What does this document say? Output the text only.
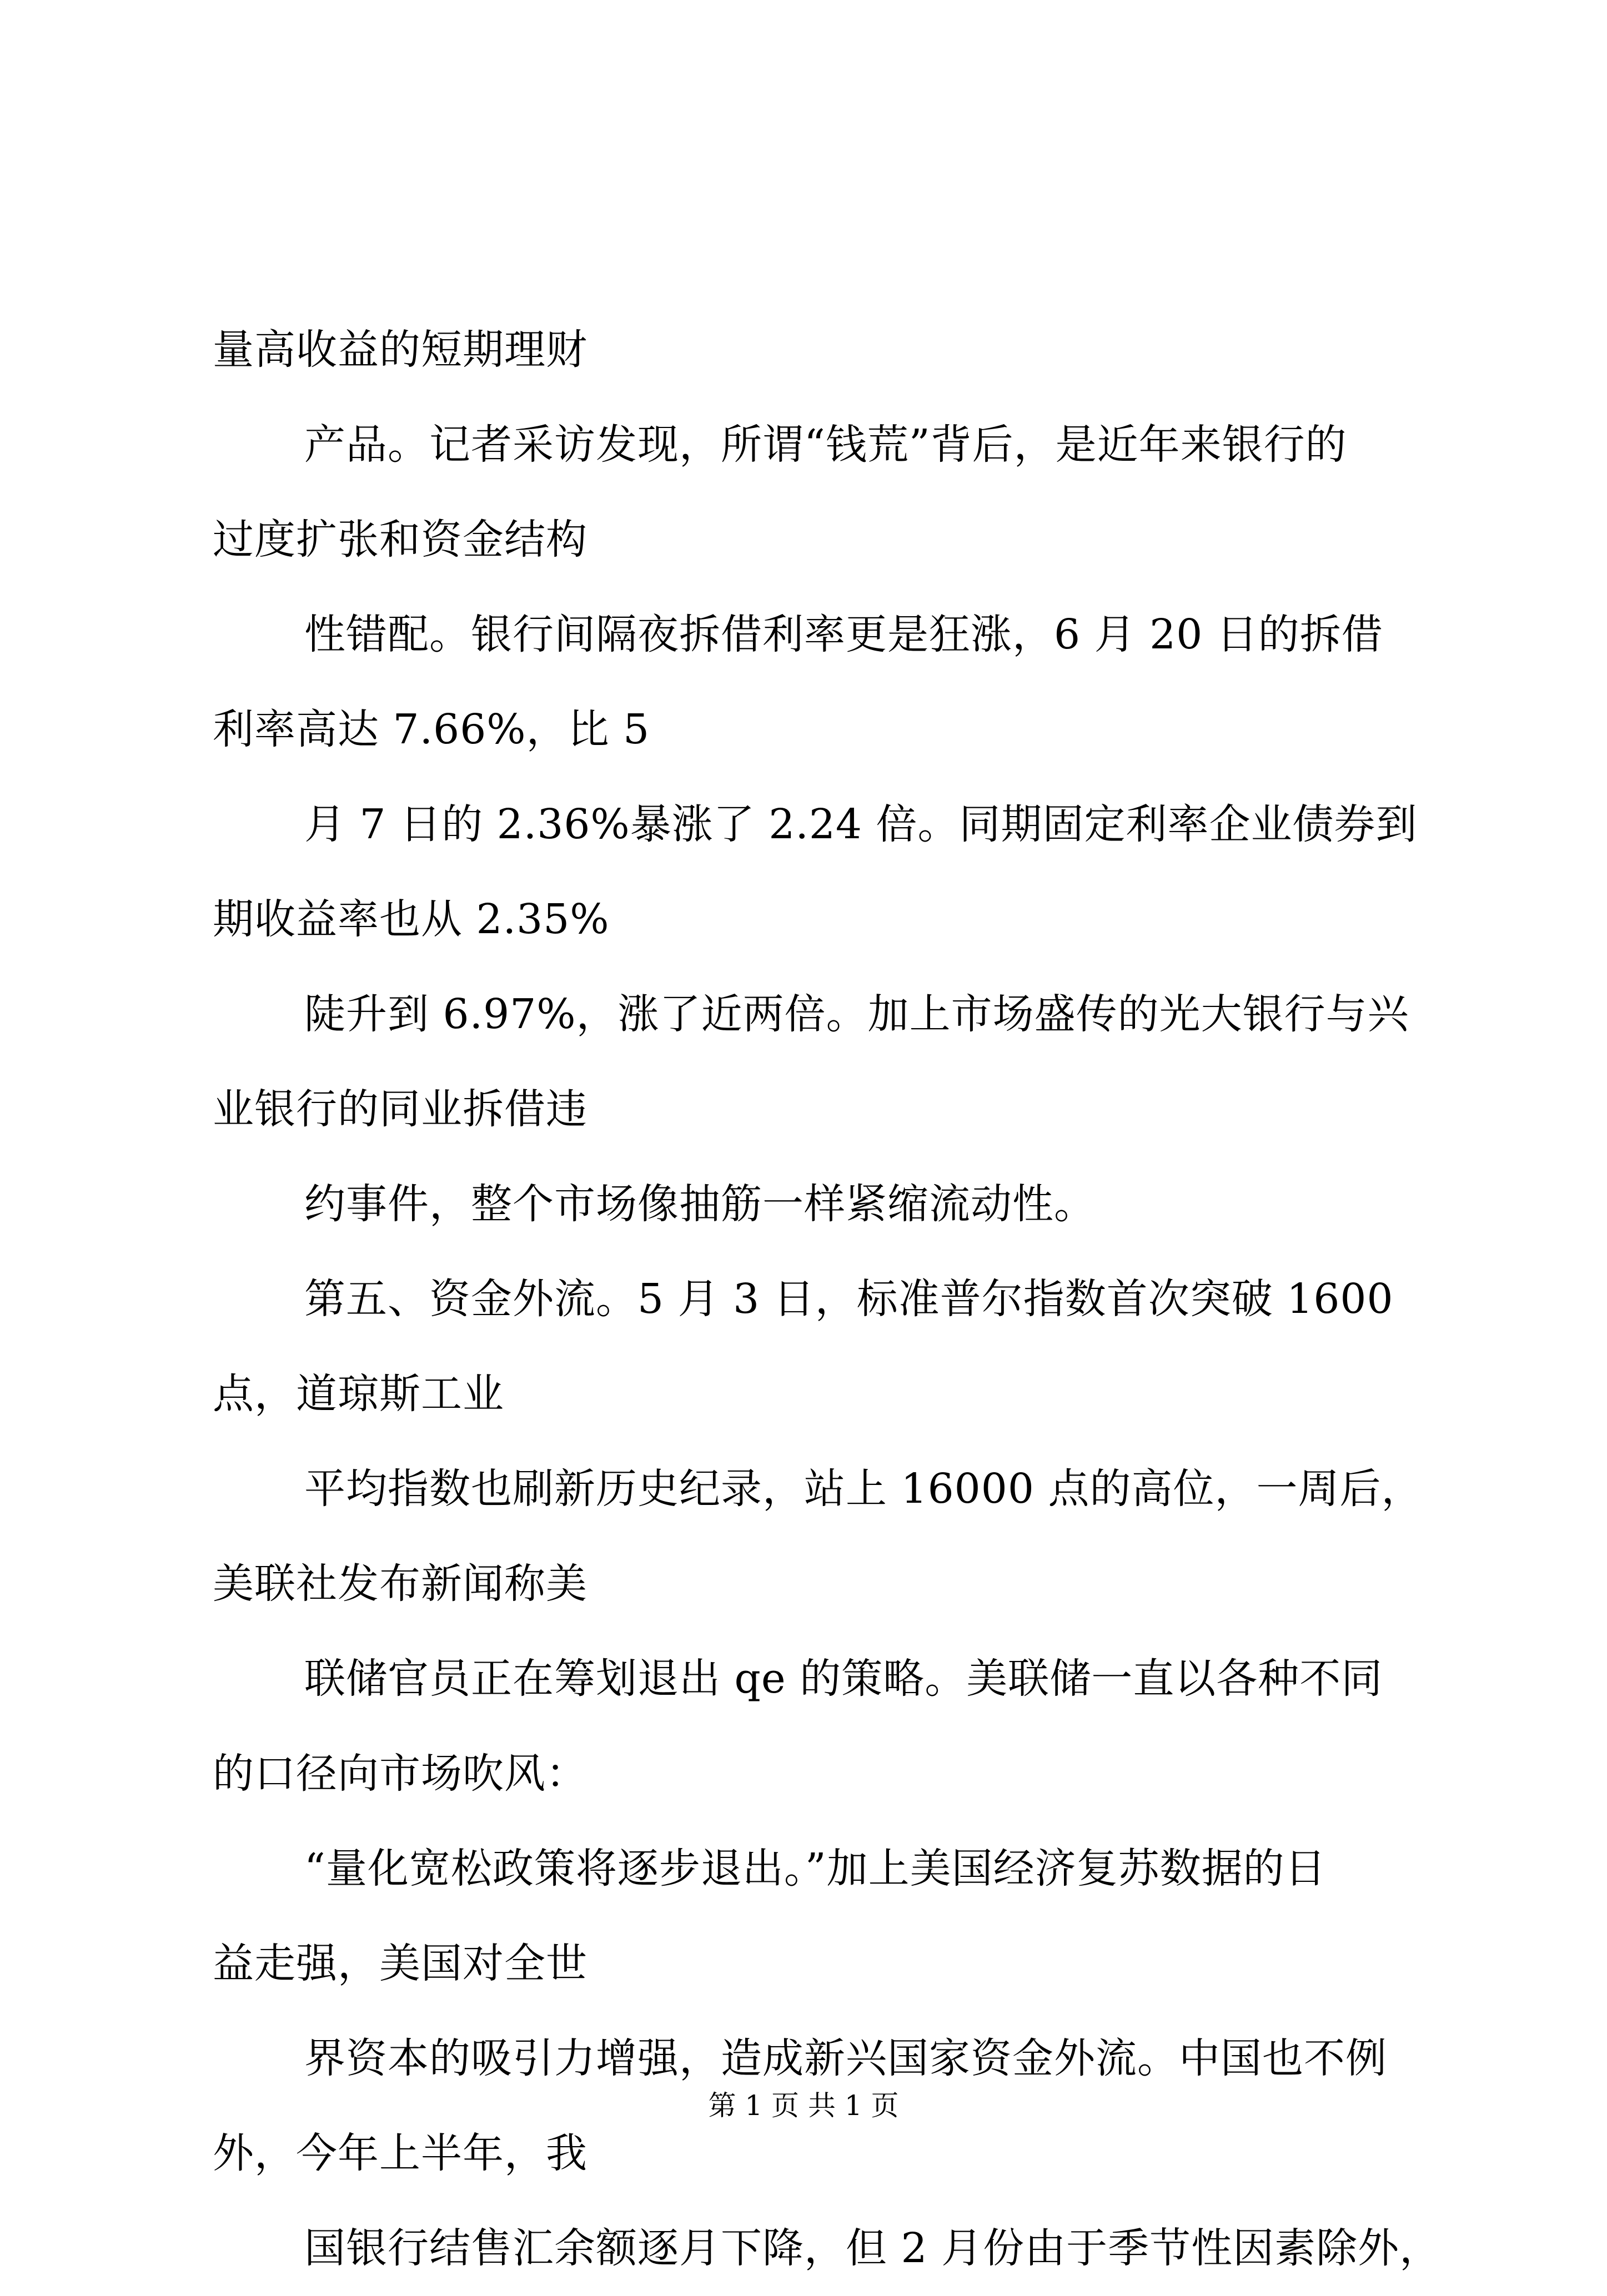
量高收益的短期理财
产品。记者采访发现，所谓“钱荒”背后，是近年来银行的
过度扩张和资金结构
性错配。银行间隔夜拆借利率更是狂涨，6 月 20 日的拆借
利率高达 7.66%，比 5
月 7 日的 2.36%暴涨了 2.24 倍。同期固定利率企业债券到
期收益率也从 2.35%
陡升到 6.97%，涨了近两倍。加上市场盛传的光大银行与兴
业银行的同业拆借违
约事件，整个市场像抽筋一样紧缩流动性。
第五、资金外流。5 月 3 日，标准普尔指数首次突破 1600
点，道琼斯工业
平均指数也刷新历史纪录，站上 16000 点的高位，一周后，
美联社发布新闻称美
联储官员正在筹划退出 qe 的策略。美联储一直以各种不同
的口径向市场吹风：
“量化宽松政策将逐步退出。”加上美国经济复苏数据的日
益走强，美国对全世
界资本的吸引力增强，造成新兴国家资金外流。中国也不例
外，今年上半年，我
国银行结售汇余额逐月下降，但 2 月份由于季节性因素除外，
第 1 页 共 1 页
